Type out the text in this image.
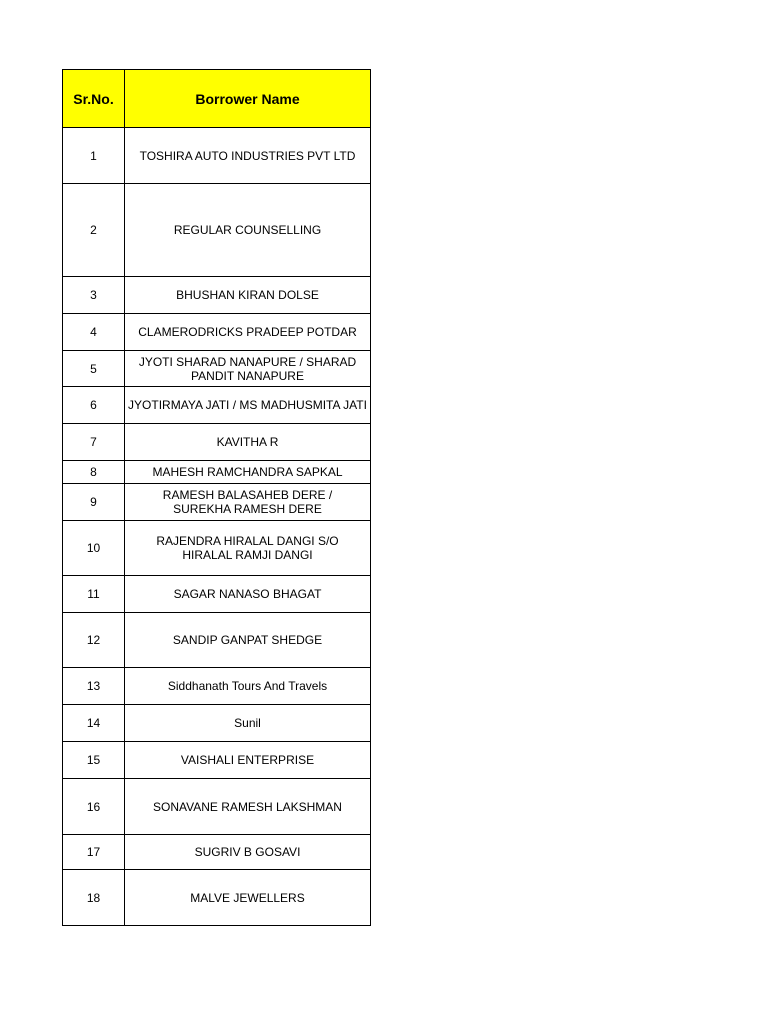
Sr.No.	Borrower Name
1	TOSHIRA AUTO INDUSTRIES PVT LTD
2	REGULAR COUNSELLING
3	BHUSHAN KIRAN DOLSE
4	CLAMERODRICKS PRADEEP POTDAR
5	JYOTI SHARAD NANAPURE / SHARAD PANDIT NANAPURE
6	JYOTIRMAYA JATI / MS MADHUSMITA JATI
7	KAVITHA R
8	MAHESH RAMCHANDRA SAPKAL
9	RAMESH BALASAHEB DERE / SUREKHA RAMESH DERE
10	RAJENDRA HIRALAL DANGI S/O HIRALAL RAMJI DANGI
11	SAGAR NANASO BHAGAT
12	SANDIP GANPAT SHEDGE
13	Siddhanath Tours And Travels
14	Sunil
15	VAISHALI ENTERPRISE
16	SONAVANE RAMESH LAKSHMAN
17	SUGRIV B GOSAVI
18	MALVE JEWELLERS
